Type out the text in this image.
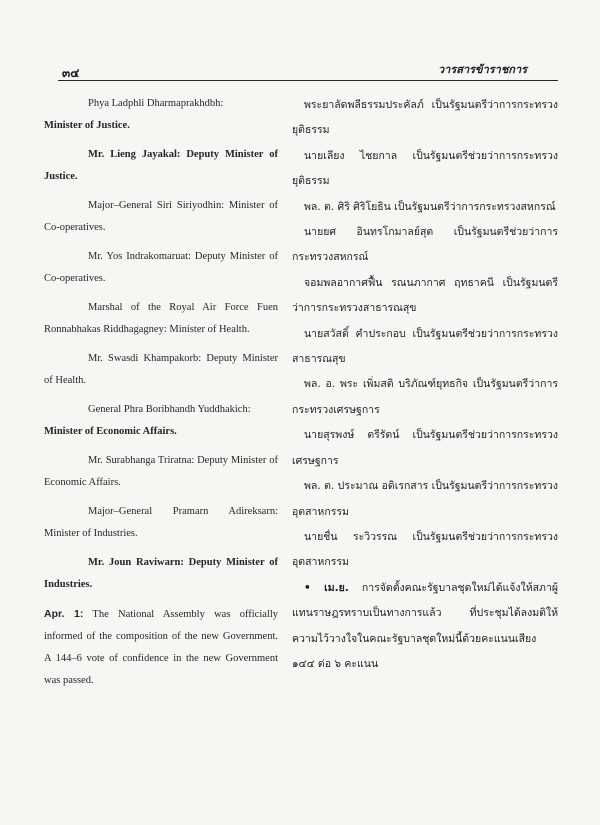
๓๔	วารสารข้าราชการ

Phya Ladphli Dharmaprakhdbh:

Minister of Justice.

Mr. Lieng Jayakal: Deputy Minister of Justice.

Major–General Siri Siriyodhin: Minister of Co-operatives.

Mr. Yos Indrakomaruat: Deputy Minister of Co-operatives.

Marshal of the Royal Air Force Fuen Ronnabhakas Riddhagagney: Minister of Health.

Mr. Swasdi Khampakorb: Deputy Minister of Health.

General Phra Boribhandh Yuddhakich:

Minister of Economic Affairs.

Mr. Surabhanga Triratna: Deputy Minister of Economic Affairs.

Major–General Pramarn Adireksarn: Minister of Industries.

Mr. Joun Raviwarn: Deputy Minister of Industries.

Apr. 1: The National Assembly was officially informed of the composition of the new Government. A 144–6 vote of confidence in the new Government was passed.

พระยาลัดพลีธรรมประคัลภ์ เป็นรัฐมนตรีว่าการกระทรวงยุติธรรม

นายเลียง ไชยกาล เป็นรัฐมนตรีช่วยว่าการกระทรวงยุติธรรม

พล. ต. ศิริ ศิริโยธิน เป็นรัฐมนตรีว่าการกระทรวงสหกรณ์

นายยศ อินทรโกมาลย์สุต เป็นรัฐมนตรีช่วยว่าการกระทรวงสหกรณ์

จอมพลอากาศฟื้น รณนภากาศ ฤทธาคนี เป็นรัฐมนตรีว่าการกระทรวงสาธารณสุข

นายสวัสดิ์ คำประกอบ เป็นรัฐมนตรีช่วยว่าการกระทรวงสาธารณสุข

พล. อ. พระ เพิ่มสติ บริภัณฑ์ยุทธกิจ เป็นรัฐมนตรีว่าการกระทรวงเศรษฐการ

นายสุรพงษ์ ตรีรัตน์ เป็นรัฐมนตรีช่วยว่าการกระทรวงเศรษฐการ

พล. ต. ประมาณ อดิเรกสาร เป็นรัฐมนตรีว่าการกระทรวงอุตสาหกรรม

นายชื่น ระวิวรรณ เป็นรัฐมนตรีช่วยว่าการกระทรวงอุตสาหกรรม

• เม.ย. การจัดตั้งคณะรัฐบาลชุดใหม่ได้แจ้งให้สภาผู้แทนราษฎรทราบเป็นทางการแล้ว ที่ประชุมได้ลงมติให้ความไว้วางใจในคณะรัฐบาลชุดใหม่นี้ด้วยคะแนนเสียง ๑๔๔ ต่อ ๖ คะแนน
